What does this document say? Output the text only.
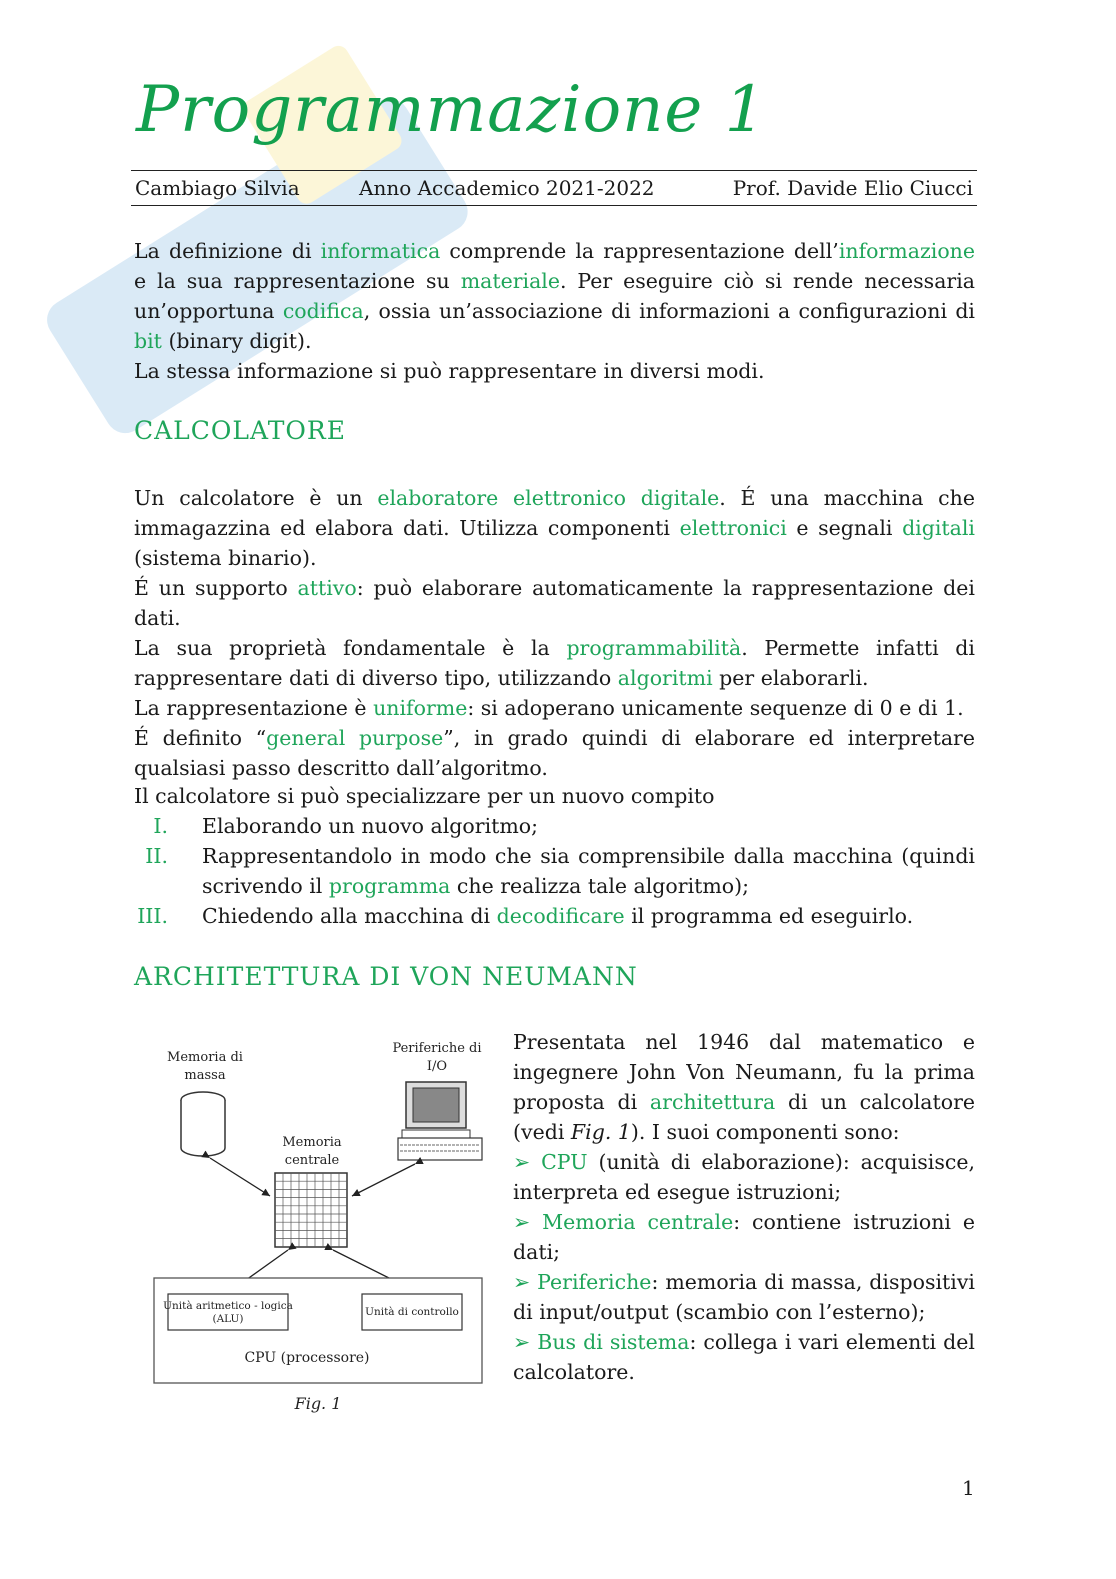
Programmazione 1
Cambiago Silvia	Anno Accademico 2021-2022	Prof. Davide Elio Ciucci

La definizione di informatica comprende la rappresentazione dell’informazione e la sua rappresentazione su materiale. Per eseguire ciò si rende necessaria un’opportuna codifica, ossia un’associazione di informazioni a configurazioni di bit (binary digit).
La stessa informazione si può rappresentare in diversi modi.

CALCOLATORE

Un calcolatore è un elaboratore elettronico digitale. É una macchina che immagazzina ed elabora dati. Utilizza componenti elettronici e segnali digitali (sistema binario).
É un supporto attivo: può elaborare automaticamente la rappresentazione dei dati.
La sua proprietà fondamentale è la programmabilità. Permette infatti di rappresentare dati di diverso tipo, utilizzando algoritmi per elaborarli.
La rappresentazione è uniforme: si adoperano unicamente sequenze di 0 e di 1.
É definito “general purpose”, in grado quindi di elaborare ed interpretare qualsiasi passo descritto dall’algoritmo.

Il calcolatore si può specializzare per un nuovo compito

I. Elaborando un nuovo algoritmo;
II. Rappresentandolo in modo che sia comprensibile dalla macchina (quindi scrivendo il programma che realizza tale algoritmo);
III. Chiedendo alla macchina di decodificare il programma ed eseguirlo.
ARCHITETTURA DI VON NEUMANN
Memoria di
massa
Periferiche di
I/O
Memoria
centrale
Unità aritmetico - logica
(ALU)
Unità di controllo
CPU (processore)
Fig. 1

Presentata nel 1946 dal matematico e ingegnere John Von Neumann, fu la prima proposta di architettura di un calcolatore (vedi Fig. 1). I suoi componenti sono:

➢ CPU (unità di elaborazione): acquisisce, interpreta ed esegue istruzioni;

➢ Memoria centrale: contiene istruzioni e dati;

➢ Periferiche: memoria di massa, dispositivi di input/output (scambio con l’esterno);

➢ Bus di sistema: collega i vari elementi del calcolatore.

1
